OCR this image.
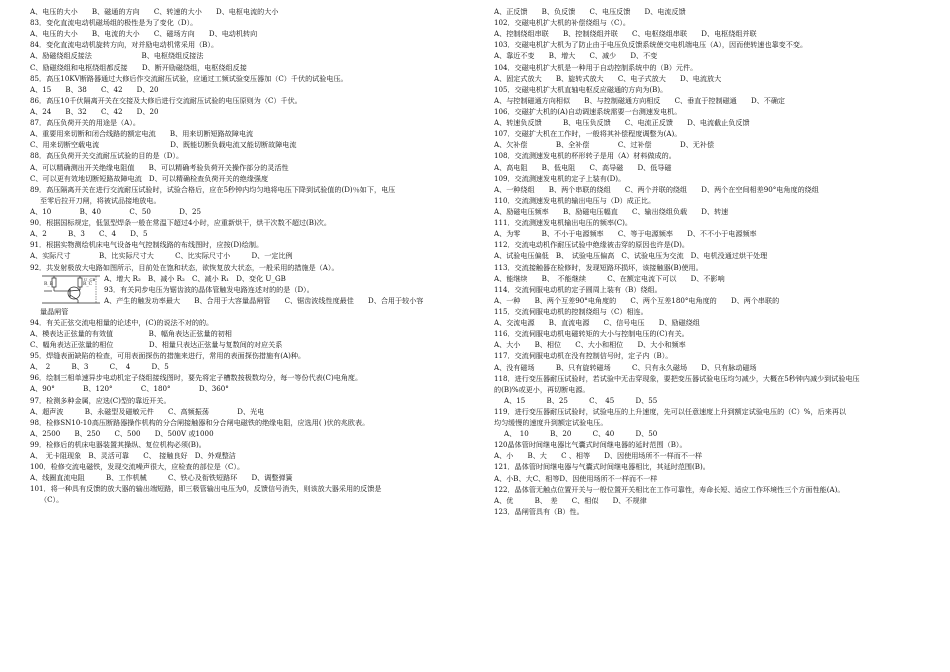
A、电压的大小　　B、磁通的方向　　C、转速的大小　　D、电枢电流的大小
83．变化直流电动机磁场组的极性是为了变化（D）。
A、电压的大小　　B、电流的大小　　C、磁场方向　　D、电动机转向
84．变化直流电动机旋转方向，对并励电动机常采用（B）。
A、励磁绕组反接法　　　　　　　B、电枢绕组反接法
C、励磁绕组和电枢绕组都反接　　D、断开励磁绕组，电枢绕组反接
85．高压10KV断路器通过大修后作交流耐压试验，应通过工频试验变压器加（C）千伏的试验电压。
A、15　　B、38　　C、42　　D、20
86．高压10千伏隔离开关在交接及大修后进行交流耐压试验的电压原则为（C）千伏。
A、24　　B、32　　C、42　　D、20
87．高压负荷开关的用途是（A）。
A、重要用来切断和闭合线路的额定电流　　B、用来切断短路故障电流
C、用来切断空载电流　　　　　　　　　　D、既能切断负载电流又能切断故障电流
88．高压负荷开关交流耐压试验的目的是（D）。
A、可以精确测出开关绝缘电阻值　　B、可以精确考验负荷开关操作部分的灵活性
C、可以更有效地切断短路故障电流　D、可以精确检查负荷开关的绝缘强度
89．高压隔离开关在进行交流耐压试验时，试验合格后，应在5秒钟内均匀地将电压下降到试验值的(D)％如下，电压
至零后拉开刀闸，将被试品接地放电。
A、10　　　　B、40　　　　C、50　　　　D、25
90．根据国标规定，低氢型焊条一般在常温下超过4小时，应重新烘干，烘干次数不超过(B)次。
A、2　　　B、3　　C、4　　D、5
91．根据实物测绘机床电气设备电气控制线路的布线图时，应按(D)绘制。
A、实际尺寸　　　　B、比实际尺寸大　　　C、比实际尺寸小　　　D、一定比例
92．共发射极放大电路如图所示，目前处在饱和状态，欲恢复放大状态，一般采用的措施是（A）。
R_B	R_C
U_CB A、增大 R₂　B、减小 R₂　C、减小 R₁　D、变化 U_GB
93．有关同步电压为锯齿波的晶体管触发电路连述对的的是（D）。
A、产生的触发功率最大　　B、合用于大容量晶闸管　　C、锯齿波线性度最佳　　D、合用于较小容
量晶闸管
94．有关正弦交流电相量的论述中，(C)的说法不对的的。
A、模表达正弦量的有效值　　　　　B、幅角表达正弦量的初相
C、幅角表达正弦量的相位　　　　　D、相量只表达正弦量与复数间的对应关系
95．焊缝表面缺陷的检查，可用表面探伤的措施来进行，常用的表面探伤措施有(A)种。
A、　2　　　B、3　　　C、　4　　　D、5
96．绘制三相单速异步电动机定子绕组接线图时，要先将定子槽数按极数均分，每一等份代表(C)电角度。
A、90°　　　　B、120°　　　　C、180°　　　　D、360°
97．检测多种金属，应选(C)型的靠近开关。
A、超声波　　　B、永磁型及磁敏元件　　C、高频振荡　　　　D、光电
98．检修SN10-10高压断路器操作机构的分合闸接触器和分合闸电磁铁的绝缘电阻，应选用( )伏的兆欧表。
A、2500　　B、250　　C、500　　D、500V 或1000
99．检修后的机床电器装置其操纵、复位机构必须(B)。
A、　无卡阻现象　B、灵活可靠　　C、　接触良好　D、外观整洁
100．检修交流电磁铁，发现交流噪声很大，应检查的部位是（C）。
A、线圈直流电阻　　　B、工作机械　　　C、铁心及衔铁短路环　　D、调整弹簧
101．将一种具有反馈的放大器的输出端短路，即三极管输出电压为0，反馈信号消失，则该放大器采用的反馈是
（C）。
A、正反馈　　B、负反馈　　C、电压反馈　　D、电流反馈
102．交磁电机扩大机的补偿绕组与（C）。
A、控制绕组串联　　B、控制绕组并联　　C、电枢绕组串联　　D、电枢绕组并联
103．交磁电机扩大机为了防止由于电压负反馈系统使交电机端电压（A），因而使转速也靠变不变。
A、靠近不变　　B、增大　　C、减少　　D、不变
104．交磁电机扩大机是一种用于自动控制系统中的（B）元件。
A、固定式放大　　B、旋转式放大　　C、电子式放大　　D、电流放大
105．交磁电机扩大机直轴电枢反应磁通的方向为(B)。
A、与控制磁通方向相似　　B、与控制磁通方向相反　　C、垂直于控制磁通　　D、不确定
106．交磁扩大机的(A)自动调速系统需要一台测速发电机。
A、转速负反馈　　　B、电压负反馈　　C、电流正反馈　　D、电流截止负反馈
107．交磁扩大机在工作时，一般将其补偿程度调整为(A)。
A、欠补偿　　　　B、全补偿　　　　C、过补偿　　　　D、无补偿
108．交流测速发电机的杯形转子是用（A）材料做成的。
A、高电阻　　B、低电阻　　C、高导磁　　D、低导磁
109．交流测速发电机的定子上装有(D)。
A、一种绕组　　B、两个串联的绕组　　C、两个并联的绕组　　D、两个在空间相差90°电角度的绕组
110．交流测速发电机的输出电压与（D）成正比。
A、励磁电压频率　　B、励磁电压幅直　　C、输出绕组负载　　D、转速
111．交流测速发电机输出电压的频率(C)。
A、为零　　　B、不小于电源频率　　C、等于电源频率　　D、不不小于电源频率
112．交流电动机作耐压试验中绝缘被击穿的原因也许是(D)。
A、试验电压偏低　B、　试验电压偏高　C、试验电压为交流　D、电机没通过烘干处理
113．交流接触器在检修时，发现短路环损坏，该接触器(B)使用。
A、能继续　　B、　不能继续　　　C、在额定电流下可以　　D、不影响
114．交流伺服电动机的定子圆周上装有（B）绕组。
A、一种　　B、两个互差90°电角度的　　C、两个互差180°电角度的　　D、两个串联的
115．交流伺服电动机的控制绕组与（C）相连。
A、交流电源　　B、直流电源　　C、信号电压　　D、励磁绕组
116．交流伺服电动机电磁转矩的大小与控制电压的(C)有关。
A、大小　　B、相位　　C、大小和相位　　D、大小和频率
117．交流伺服电动机在没有控制信号时，定子内（B）。
A、没有磁场　　　B、只有旋转磁场　　　C、只有永久磁场　　D、只有脉动磁场
118．进行变压器耐压试验时，若试验中无击穿现象，要把变压器试验电压均匀减少，大概在5秒钟内减少到试验电压
的(B)%或更小，再切断电源。
A、15　　　B、25　　　C、　45　　　D、55
119．进行变压器耐压试验时，试验电压的上升速度，先可以任意速度上升到额定试验电压的（C）%，后来再以
均匀缓慢的速度升到额定试验电压。
A、　10　　　B、20　　　C、40　　　D、50
120晶体管时间继电器比气囊式时间继电器的延时范围（B）。
A、小　　B、大　　C 、相等　　D、因使用场所不一样而不一样
121．晶体管时间继电器与气囊式时间继电器相比，其延时范围(B)。
A、小B、大C、相等D、因使用场所不一样而不一样
122．晶体管无触点位置开关与一般位置开关相比在工作可靠性，寿命长短、适应工作环境性三个方面性能(A)。
A、优　　　B、　差　　C、相似　　D、不规律
123．晶闸管具有（B）性。
